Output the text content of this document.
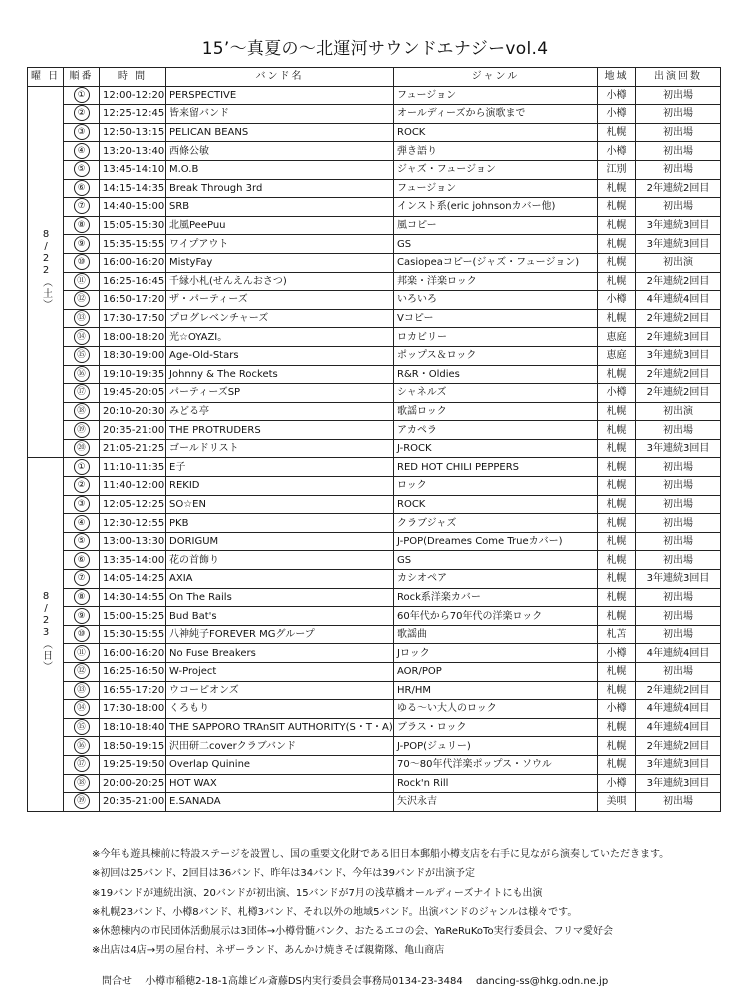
15’～真夏の～北運河サウンドエナジーvol.4
曜 日	順番	時 間	バンド名	ジャンル	地域	出演回数
8/22（土）	①	12:00-12:20	PERSPECTIVE	フュージョン	小樽	初出場
	②	12:25-12:45	皆来留バンド	オールディーズから演歌まで	小樽	初出場
	③	12:50-13:15	PELICAN BEANS	ROCK	札幌	初出場
	④	13:20-13:40	西條公敏	弾き語り	小樽	初出場
	⑤	13:45-14:10	M.O.B	ジャズ・フュージョン	江別	初出場
	⑥	14:15-14:35	Break Through 3rd	フュージョン	札幌	2年連続2回目
	⑦	14:40-15:00	SRB	インスト系(eric johnsonカバー他)	札幌	初出場
	⑧	15:05-15:30	北風PeePuu	風コピー	札幌	3年連続3回目
	⑨	15:35-15:55	ワイプアウト	GS	札幌	3年連続3回目
	⑩	16:00-16:20	MistyFay	Casiopeaコピー(ジャズ・フュージョン)	札幌	初出演
	⑪	16:25-16:45	千縁小札(せんえんおさつ)	邦楽・洋楽ロック	札幌	2年連続2回目
	⑫	16:50-17:20	ザ・パーティーズ	いろいろ	小樽	4年連続4回目
	⑬	17:30-17:50	プログレベンチャーズ	Vコピー	札幌	2年連続2回目
	⑭	18:00-18:20	光☆OYAZI。	ロカビリー	恵庭	2年連続3回目
	⑮	18:30-19:00	Age-Old-Stars	ポップス＆ロック	恵庭	3年連続3回目
	⑯	19:10-19:35	Johnny & The Rockets	R&R・Oldies	札幌	2年連続2回目
	⑰	19:45-20:05	パーティーズSP	シャネルズ	小樽	2年連続2回目
	⑱	20:10-20:30	みどる亭	歌謡ロック	札幌	初出演
	⑲	20:35-21:00	THE PROTRUDERS	アカペラ	札幌	初出場
	⑳	21:05-21:25	ゴールドリスト	J-ROCK	札幌	3年連続3回目
8/23（日）	①	11:10-11:35	E子	RED HOT CHILI PEPPERS	札幌	初出場
	②	11:40-12:00	REKID	ロック	札幌	初出場
	③	12:05-12:25	SO☆EN	ROCK	札幌	初出場
	④	12:30-12:55	PKB	クラブジャズ	札幌	初出場
	⑤	13:00-13:30	DORIGUM	J-POP(Dreames Come Trueカバー)	札幌	初出場
	⑥	13:35-14:00	花の首飾り	GS	札幌	初出場
	⑦	14:05-14:25	AXIA	カシオペア	札幌	3年連続3回目
	⑧	14:30-14:55	On The Rails	Rock系洋楽カバー	札幌	初出場
	⑨	15:00-15:25	Bud Bat's	60年代から70年代の洋楽ロック	札幌	初出場
	⑩	15:30-15:55	八神純子FOREVER MGグループ	歌謡曲	札苫	初出場
	⑪	16:00-16:20	No Fuse Breakers	Jロック	小樽	4年連続4回目
	⑫	16:25-16:50	W-Project	AOR/POP	札幌	初出場
	⑬	16:55-17:20	ウコーピオンズ	HR/HM	札幌	2年連続2回目
	⑭	17:30-18:00	くろもり	ゆる～い大人のロック	小樽	4年連続4回目
	⑮	18:10-18:40	THE SAPPORO TRAnSIT AUTHORITY(S・T・A)	ブラス・ロック	札幌	4年連続4回目
	⑯	18:50-19:15	沢田研二coverクラブバンド	J-POP(ジュリー)	札幌	2年連続2回目
	⑰	19:25-19:50	Overlap Quinine	70～80年代洋楽ポップス・ソウル	札幌	3年連続3回目
	⑱	20:00-20:25	HOT WAX	Rock'n Rill	小樽	3年連続3回目
	⑲	20:35-21:00	E.SANADA	矢沢永吉	美唄	初出場
※今年も遊具棟前に特設ステージを設置し、国の重要文化財である旧日本郵船小樽支店を右手に見ながら演奏していただきます。
※初回は25バンド、2回目は36バンド、昨年は34バンド、今年は39バンドが出演予定
※19バンドが連続出演、20バンドが初出演、15バンドが7月の浅草橋オールディーズナイトにも出演
※札幌23バンド、小樽8バンド、札樽3バンド、それ以外の地域5バンド。出演バンドのジャンルは様々です。
※休憩棟内の市民団体活動展示は3団体→小樽骨髄バンク、おたるエコの会、YaReRuKoTo実行委員会、フリマ愛好会
※出店は4店→男の屋台村、ネザーランド、あんかけ焼きそば親衛隊、亀山商店
問合せ 小樽市稲穂2-18-1高雄ビル斎藤DS内実行委員会事務局0134-23-3484 dancing-ss@hkg.odn.ne.jp
